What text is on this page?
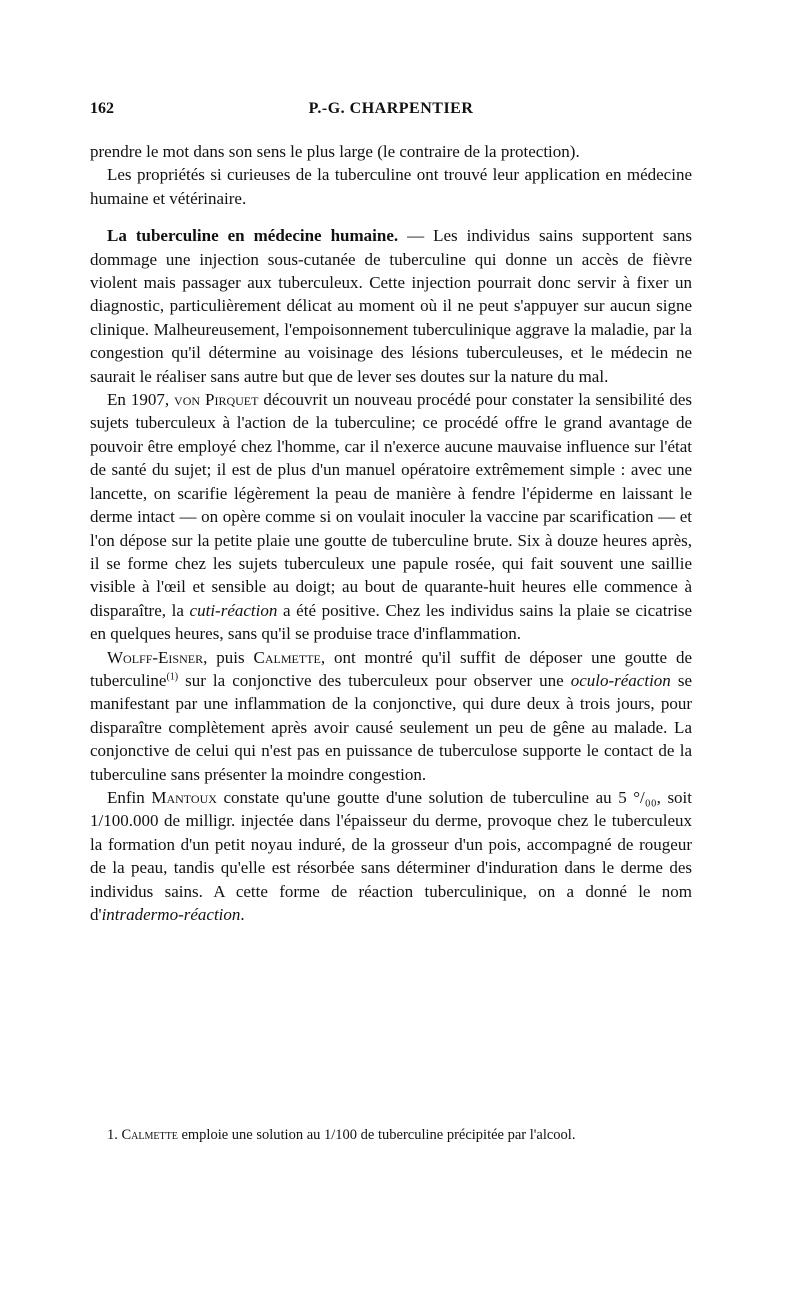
162	P.-G. CHARPENTIER

prendre le mot dans son sens le plus large (le contraire de la protection).

Les propriétés si curieuses de la tuberculine ont trouvé leur application en médecine humaine et vétérinaire.

La tuberculine en médecine humaine. — Les individus sains supportent sans dommage une injection sous-cutanée de tuberculine qui donne un accès de fièvre violent mais passager aux tuberculeux. Cette injection pourrait donc servir à fixer un diagnostic, particulièrement délicat au moment où il ne peut s'appuyer sur aucun signe clinique. Malheureusement, l'empoisonnement tuberculinique aggrave la maladie, par la congestion qu'il détermine au voisinage des lésions tuberculeuses, et le médecin ne saurait le réaliser sans autre but que de lever ses doutes sur la nature du mal.

En 1907, von Pirquet découvrit un nouveau procédé pour constater la sensibilité des sujets tuberculeux à l'action de la tuberculine; ce procédé offre le grand avantage de pouvoir être employé chez l'homme, car il n'exerce aucune mauvaise influence sur l'état de santé du sujet; il est de plus d'un manuel opératoire extrêmement simple : avec une lancette, on scarifie légèrement la peau de manière à fendre l'épiderme en laissant le derme intact — on opère comme si on voulait inoculer la vaccine par scarification — et l'on dépose sur la petite plaie une goutte de tuberculine brute. Six à douze heures après, il se forme chez les sujets tuberculeux une papule rosée, qui fait souvent une saillie visible à l'œil et sensible au doigt; au bout de quarante-huit heures elle commence à disparaître, la cuti-réaction a été positive. Chez les individus sains la plaie se cicatrise en quelques heures, sans qu'il se produise trace d'inflammation.

Wolff-Eisner, puis Calmette, ont montré qu'il suffit de déposer une goutte de tuberculine$^{(1)}$ sur la conjonctive des tuberculeux pour observer une oculo-réaction se manifestant par une inflammation de la conjonctive, qui dure deux à trois jours, pour disparaître complètement après avoir causé seulement un peu de gêne au malade. La conjonctive de celui qui n'est pas en puissance de tuberculose supporte le contact de la tuberculine sans présenter la moindre congestion.

Enfin Mantoux constate qu'une goutte d'une solution de tuberculine au 5 °/₀₀, soit 1/100.000 de milligr. injectée dans l'épaisseur du derme, provoque chez le tuberculeux la formation d'un petit noyau induré, de la grosseur d'un pois, accompagné de rougeur de la peau, tandis qu'elle est résorbée sans déterminer d'induration dans le derme des individus sains. A cette forme de réaction tuberculinique, on a donné le nom d'intradermo-réaction.

1. Calmette emploie une solution au 1/100 de tuberculine précipitée par l'alcool.
